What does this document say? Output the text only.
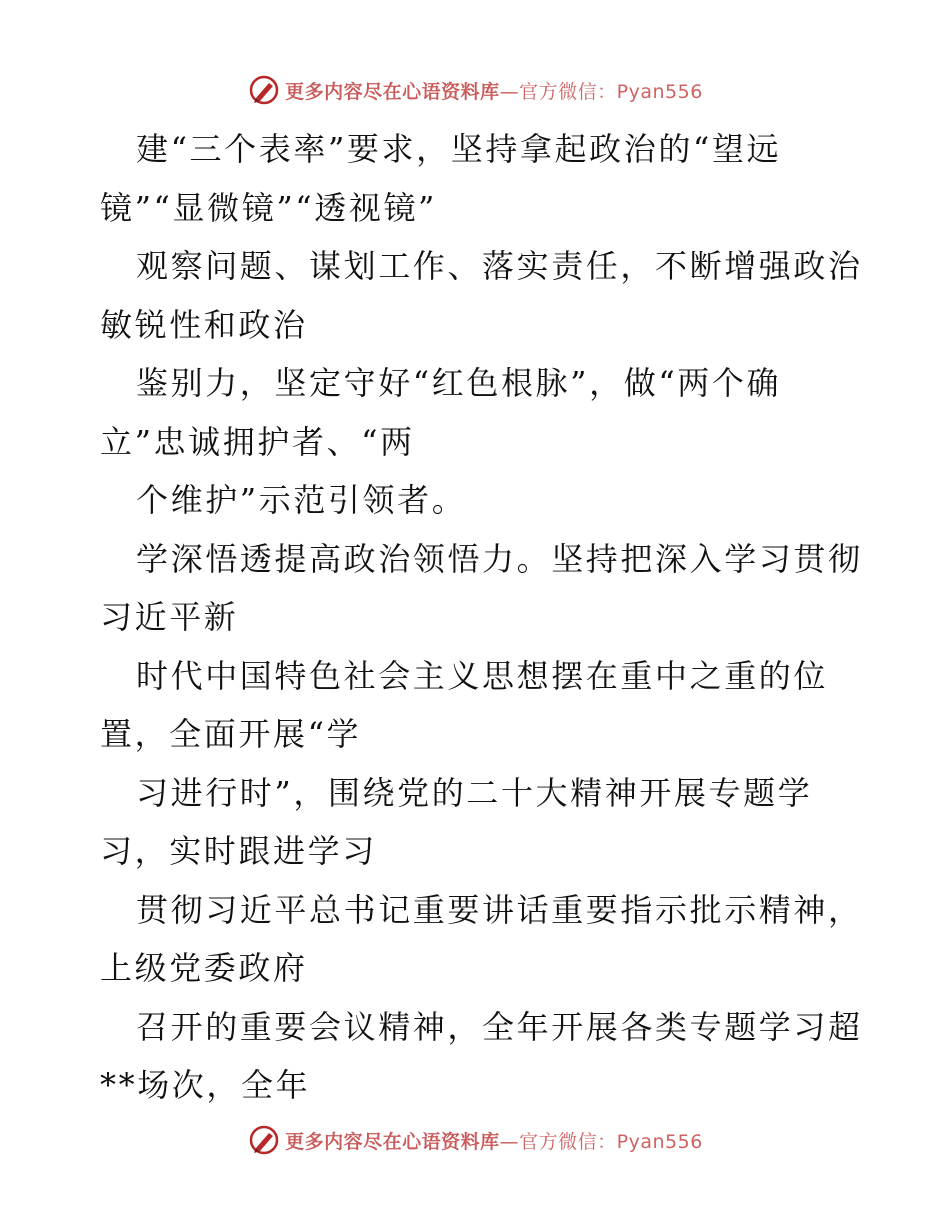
更多内容尽在心语资料库—官方微信：Pyan556
建“三个表率”要求，坚持拿起政治的“望远
镜”“显微镜”“透视镜”
观察问题、谋划工作、落实责任，不断增强政治
敏锐性和政治
鉴别力，坚定守好“红色根脉”，做“两个确
立”忠诚拥护者、“两
个维护”示范引领者。
学深悟透提高政治领悟力。坚持把深入学习贯彻
习近平新
时代中国特色社会主义思想摆在重中之重的位
置，全面开展“学
习进行时”，围绕党的二十大精神开展专题学
习，实时跟进学习
贯彻习近平总书记重要讲话重要指示批示精神，
上级党委政府
召开的重要会议精神，全年开展各类专题学习超
**场次，全年
更多内容尽在心语资料库—官方微信：Pyan556
